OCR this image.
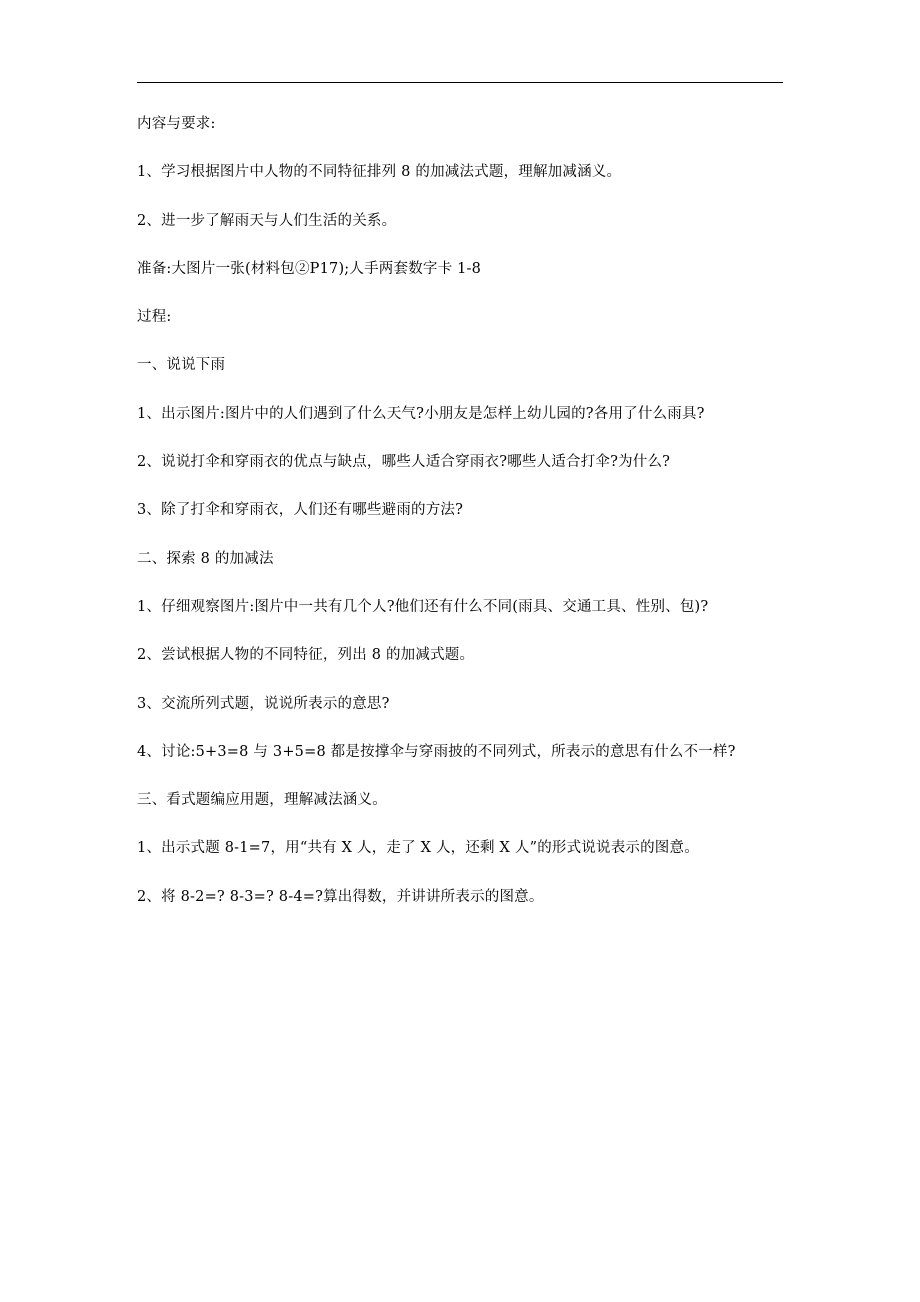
内容与要求:
1、学习根据图片中人物的不同特征排列 8 的加减法式题，理解加减涵义。
2、进一步了解雨天与人们生活的关系。
准备:大图片一张(材料包②P17);人手两套数字卡 1-8
过程:
一、说说下雨
1、出示图片:图片中的人们遇到了什么天气?小朋友是怎样上幼儿园的?各用了什么雨具?
2、说说打伞和穿雨衣的优点与缺点，哪些人适合穿雨衣?哪些人适合打伞?为什么?
3、除了打伞和穿雨衣，人们还有哪些避雨的方法?
二、探索 8 的加减法
1、仔细观察图片:图片中一共有几个人?他们还有什么不同(雨具、交通工具、性别、包)?
2、尝试根据人物的不同特征，列出 8 的加减式题。
3、交流所列式题，说说所表示的意思?
4、讨论:5+3=8 与 3+5=8 都是按撑伞与穿雨披的不同列式，所表示的意思有什么不一样?
三、看式题编应用题，理解减法涵义。
1、出示式题 8-1=7，用“共有 X 人，走了 X 人，还剩 X 人”的形式说说表示的图意。
2、将 8-2=? 8-3=? 8-4=?算出得数，并讲讲所表示的图意。
